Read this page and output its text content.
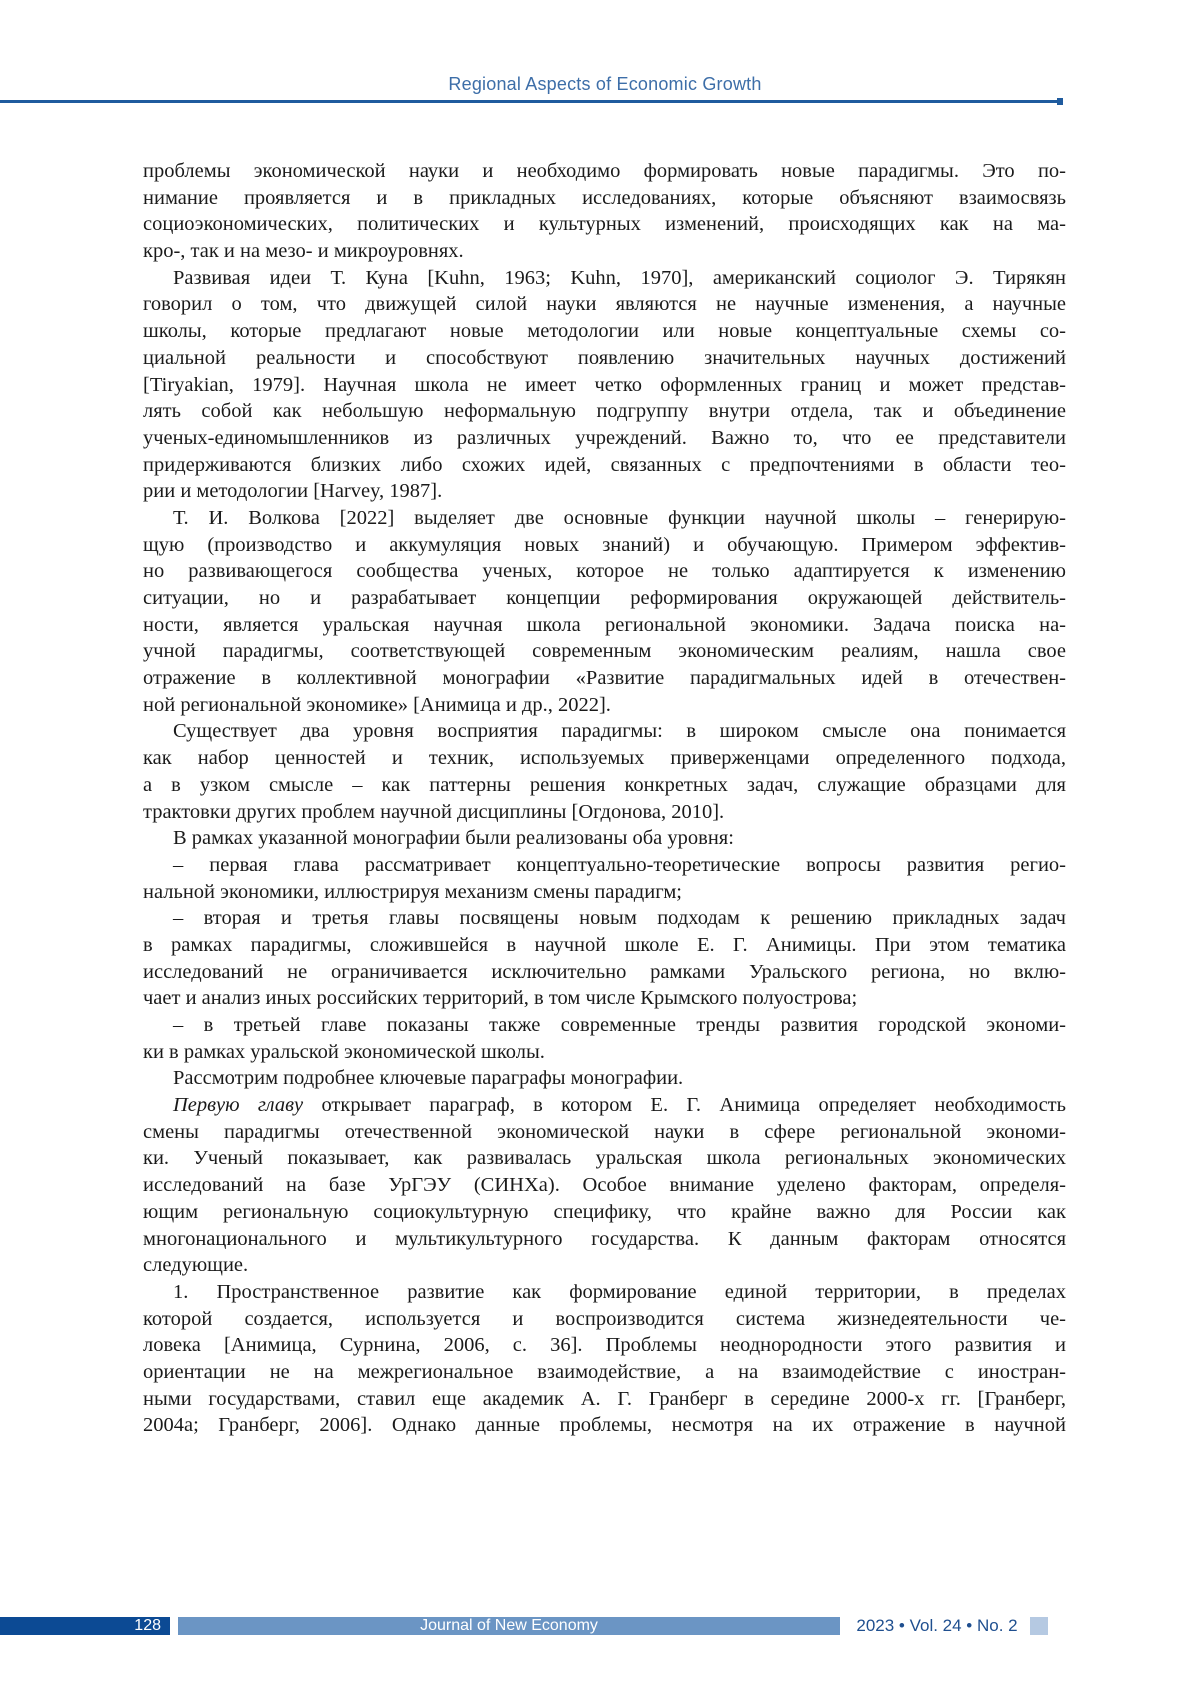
Regional Aspects of Economic Growth
проблемы экономической науки и необходимо формировать новые парадигмы. Это по-
нимание проявляется и в прикладных исследованиях, которые объясняют взаимосвязь
социоэкономических, политических и культурных изменений, происходящих как на ма-
кро-, так и на мезо- и микроуровнях.
Развивая идеи Т. Куна [Kuhn, 1963; Kuhn, 1970], американский социолог Э. Тирякян
говорил о том, что движущей силой науки являются не научные изменения, а научные
школы, которые предлагают новые методологии или новые концептуальные схемы со-
циальной реальности и способствуют появлению значительных научных достижений
[Tiryakian, 1979]. Научная школа не имеет четко оформленных границ и может представ-
лять собой как небольшую неформальную подгруппу внутри отдела, так и объединение
ученых-единомышленников из различных учреждений. Важно то, что ее представители
придерживаются близких либо схожих идей, связанных с предпочтениями в области тео-
рии и методологии [Harvey, 1987].
Т. И. Волкова [2022] выделяет две основные функции научной школы – генерирую-
щую (производство и аккумуляция новых знаний) и обучающую. Примером эффектив-
но развивающегося сообщества ученых, которое не только адаптируется к изменению
ситуации, но и разрабатывает концепции реформирования окружающей действитель-
ности, является уральская научная школа региональной экономики. Задача поиска на-
учной парадигмы, соответствующей современным экономическим реалиям, нашла свое
отражение в коллективной монографии «Развитие парадигмальных идей в отечествен-
ной региональной экономике» [Анимица и др., 2022].
Существует два уровня восприятия парадигмы: в широком смысле она понимается
как набор ценностей и техник, используемых приверженцами определенного подхода,
а в узком смысле – как паттерны решения конкретных задач, служащие образцами для
трактовки других проблем научной дисциплины [Огдонова, 2010].
В рамках указанной монографии были реализованы оба уровня:
– первая глава рассматривает концептуально-теоретические вопросы развития регио-
нальной экономики, иллюстрируя механизм смены парадигм;
– вторая и третья главы посвящены новым подходам к решению прикладных задач
в рамках парадигмы, сложившейся в научной школе Е. Г. Анимицы. При этом тематика
исследований не ограничивается исключительно рамками Уральского региона, но вклю-
чает и анализ иных российских территорий, в том числе Крымского полуострова;
– в третьей главе показаны также современные тренды развития городской экономи-
ки в рамках уральской экономической школы.
Рассмотрим подробнее ключевые параграфы монографии.
Первую главу открывает параграф, в котором Е. Г. Анимица определяет необходимость
смены парадигмы отечественной экономической науки в сфере региональной экономи-
ки. Ученый показывает, как развивалась уральская школа региональных экономических
исследований на базе УрГЭУ (СИНХа). Особое внимание уделено факторам, определя-
ющим региональную социокультурную специфику, что крайне важно для России как
многонационального и мультикультурного государства. К данным факторам относятся
следующие.
1. Пространственное развитие как формирование единой территории, в пределах
которой создается, используется и воспроизводится система жизнедеятельности че-
ловека [Анимица, Сурнина, 2006, с. 36]. Проблемы неоднородности этого развития и
ориентации не на межрегиональное взаимодействие, а на взаимодействие с иностран-
ными государствами, ставил еще академик А. Г. Гранберг в середине 2000-х гг. [Гранберг,
2004a; Гранберг, 2006]. Однако данные проблемы, несмотря на их отражение в научной
128	Journal of New Economy	2023 • Vol. 24 • No. 2
